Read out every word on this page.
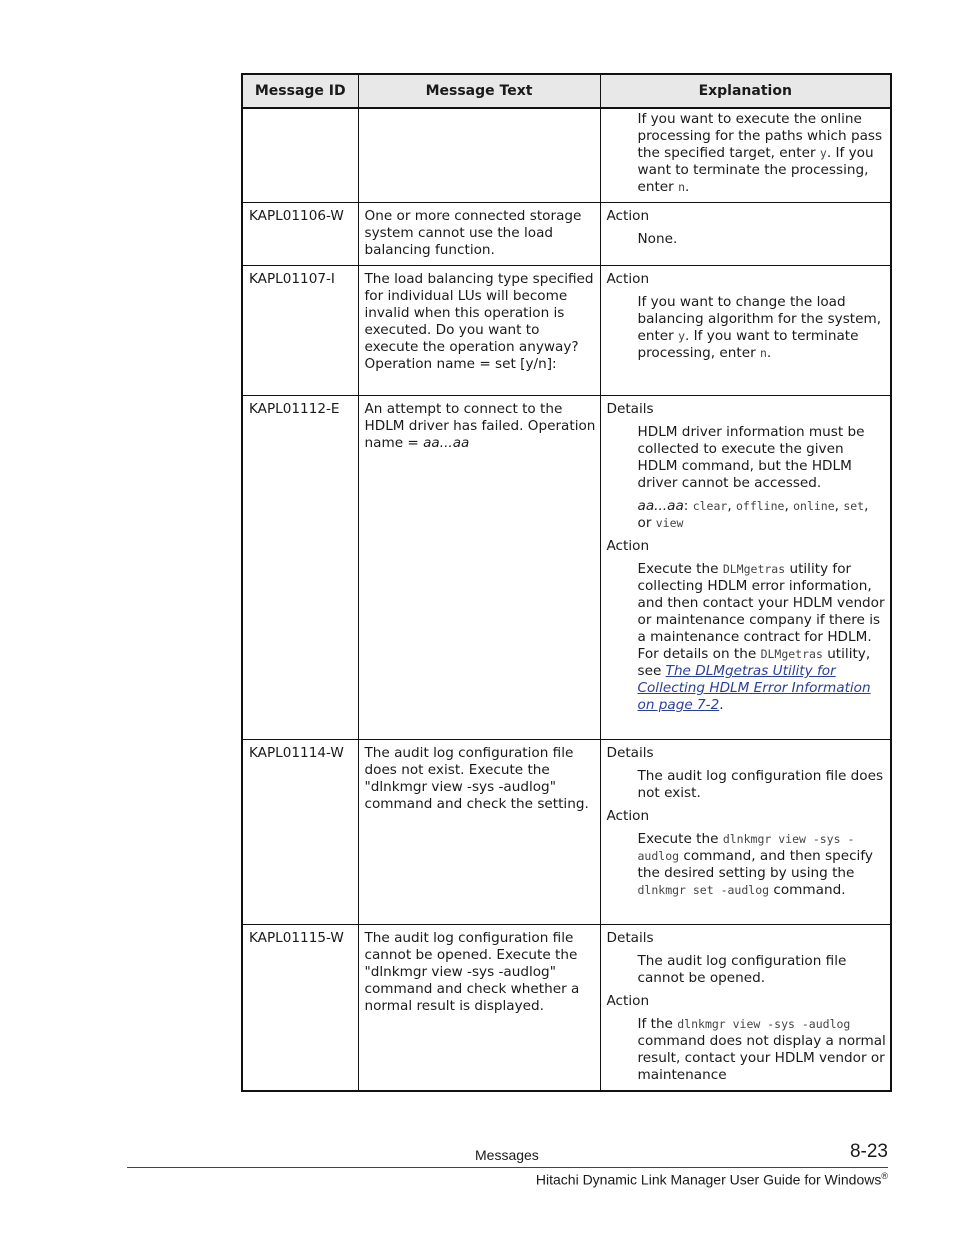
Message ID	Message Text	Explanation

		If you want to execute the online processing for the paths which pass the specified target, enter y. If you want to terminate the processing, enter n.

KAPL01106-W	One or more connected storage system cannot use the load balancing function.	Action
None.

KAPL01107-I	The load balancing type specified for individual LUs will become invalid when this operation is executed. Do you want to execute the operation anyway? Operation name = set [y/n]:	Action
If you want to change the load balancing algorithm for the system, enter y. If you want to terminate processing, enter n.

KAPL01112-E	An attempt to connect to the HDLM driver has failed. Operation name = aa...aa	Details
HDLM driver information must be collected to execute the given HDLM command, but the HDLM driver cannot be accessed.
aa...aa: clear, offline, online, set, or view
Action
Execute the DLMgetras utility for collecting HDLM error information, and then contact your HDLM vendor or maintenance company if there is a maintenance contract for HDLM. For details on the DLMgetras utility, see The DLMgetras Utility for Collecting HDLM Error Information on page 7-2.

KAPL01114-W	The audit log configuration file does not exist. Execute the "dlnkmgr view -sys -audlog" command and check the setting.	Details
The audit log configuration file does not exist.
Action
Execute the dlnkmgr view -sys -audlog command, and then specify the desired setting by using the dlnkmgr set -audlog command.

KAPL01115-W	The audit log configuration file cannot be opened. Execute the "dlnkmgr view -sys -audlog" command and check whether a normal result is displayed.	Details
The audit log configuration file cannot be opened.
Action
If the dlnkmgr view -sys -audlog command does not display a normal result, contact your HDLM vendor or maintenance
Messages	8-23
Hitachi Dynamic Link Manager User Guide for Windows®
